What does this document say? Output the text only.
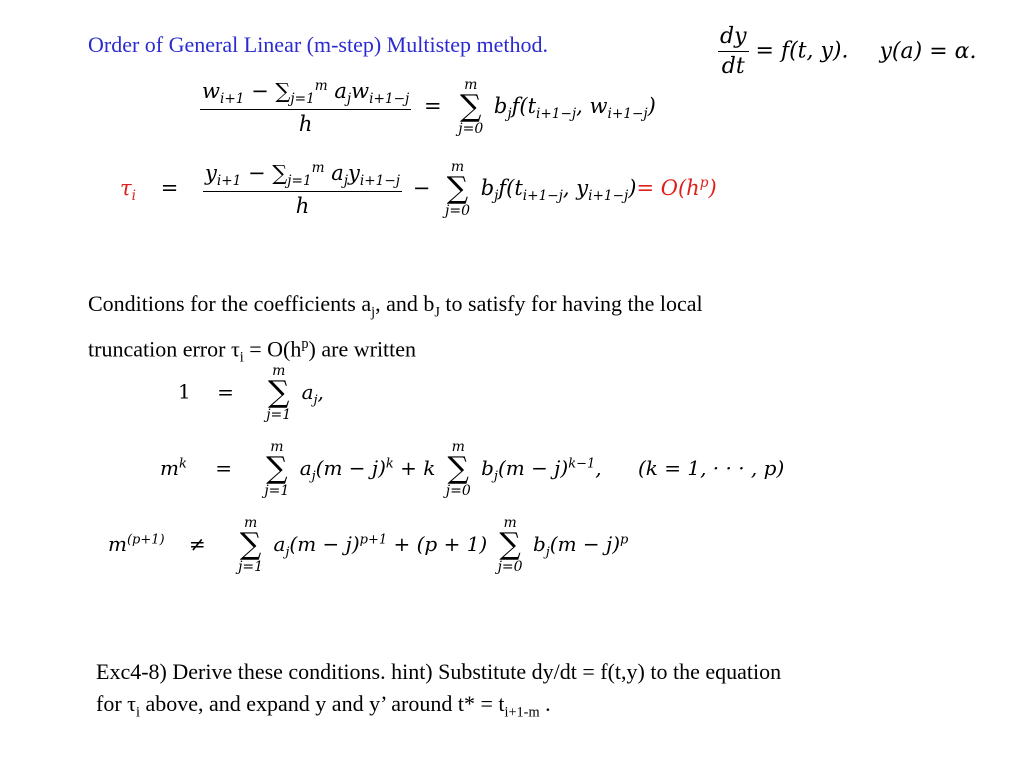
Order of General Linear (m-step) Multistep method.	$\frac{dy}{dt} = f(t$, y). y(a) = α.
$\frac{w_{i+1} - \sum_{j=1}^m a_jw_{i+1-j}}{h}$ =
m
∑
j=0
$b_jf(t_{i+1-j}$, $w_{i+1-j}$)
$\tau_i = \frac{y_{i+1} - \sum_{j=1}^m a_jy_{i+1-j}}{h}$ −
m
∑
j=0
$b_jf(t_{i+1-j}$, $y_{i+1-j})= O(h^p)$
Conditions for the coefficients $a_j$, and $b_J$ to satisfy for having the local
truncation error $\tau_i = O(h^p)$ are written
1 =
m
∑
j=1
$a_j$,
$m^k$ =
m
∑
j=1
$a_j(m - j)^k + k$
m
∑
j=0
$b_j(m - j)^{k-1}$, (k = 1, · · · , p)
$m^{(p+1)}$ ≠
m
∑
j=1
$a_j(m - j)^{p+1} + (p + 1)$
m
∑
j=0
$b_j(m - j)^p$
Exc4-8) Derive these conditions. hint) Substitute dy/dt = f(t,y) to the equation
for $\tau_i$ above, and expand y and y’ around $t* = t_{i+1-m}$ .
